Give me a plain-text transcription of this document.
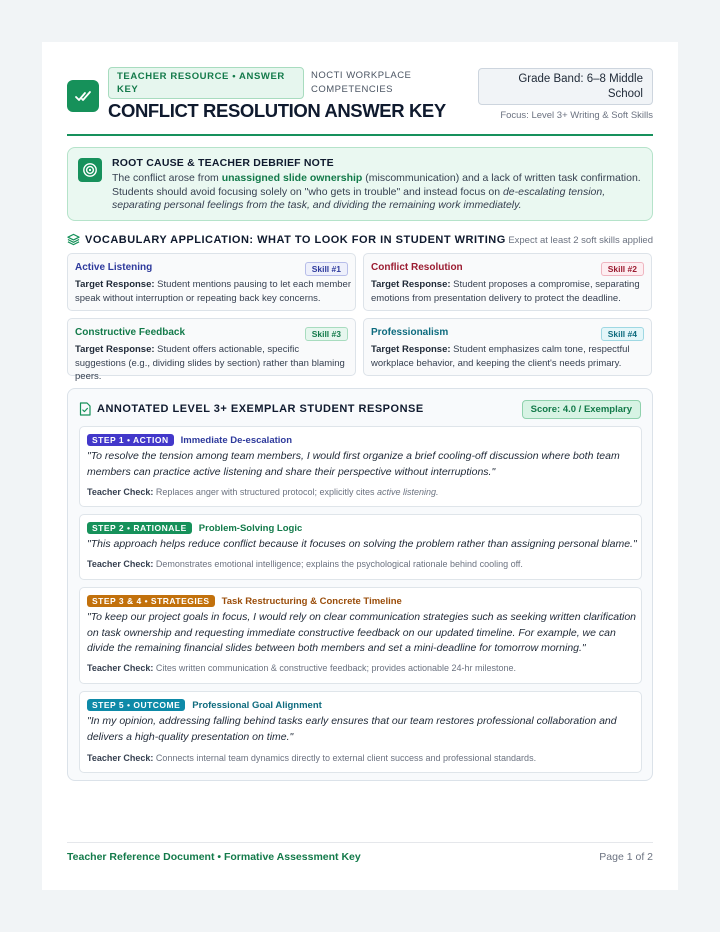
TEACHER RESOURCE • ANSWER KEY
NOCTI WORKPLACE COMPETENCIES
CONFLICT RESOLUTION ANSWER KEY
Grade Band: 6–8 Middle School
Focus: Level 3+ Writing & Soft Skills
ROOT CAUSE & TEACHER DEBRIEF NOTE
The conflict arose from unassigned slide ownership (miscommunication) and a lack of written task confirmation. Students should avoid focusing solely on "who gets in trouble" and instead focus on de-escalating tension, separating personal feelings from the task, and dividing the remaining work immediately.
VOCABULARY APPLICATION: WHAT TO LOOK FOR IN STUDENT WRITING Expect at least 2 soft skills applied
Active Listening	Skill #1
Target Response: Student mentions pausing to let each member speak without interruption or repeating back key concerns.
Conflict Resolution	Skill #2
Target Response: Student proposes a compromise, separating emotions from presentation delivery to protect the deadline.
Constructive Feedback	Skill #3
Target Response: Student offers actionable, specific suggestions (e.g., dividing slides by section) rather than blaming peers.
Professionalism	Skill #4
Target Response: Student emphasizes calm tone, respectful workplace behavior, and keeping the client's needs primary.
ANNOTATED LEVEL 3+ EXEMPLAR STUDENT RESPONSE	Score: 4.0 / Exemplary
STEP 1 • ACTION	Immediate De-escalation
"To resolve the tension among team members, I would first organize a brief cooling-off discussion where both team members can practice active listening and share their perspective without interruptions."
Teacher Check: Replaces anger with structured protocol; explicitly cites active listening.
STEP 2 • RATIONALE	Problem-Solving Logic
"This approach helps reduce conflict because it focuses on solving the problem rather than assigning personal blame."
Teacher Check: Demonstrates emotional intelligence; explains the psychological rationale behind cooling off.
STEP 3 & 4 • STRATEGIES	Task Restructuring & Concrete Timeline
"To keep our project goals in focus, I would rely on clear communication strategies such as seeking written clarification on task ownership and requesting immediate constructive feedback on our updated timeline. For example, we can divide the remaining financial slides between both members and set a mini-deadline for tomorrow morning."
Teacher Check: Cites written communication & constructive feedback; provides actionable 24-hr milestone.
STEP 5 • OUTCOME	Professional Goal Alignment
"In my opinion, addressing falling behind tasks early ensures that our team restores professional collaboration and delivers a high-quality presentation on time."
Teacher Check: Connects internal team dynamics directly to external client success and professional standards.
Teacher Reference Document • Formative Assessment Key	Page 1 of 2
